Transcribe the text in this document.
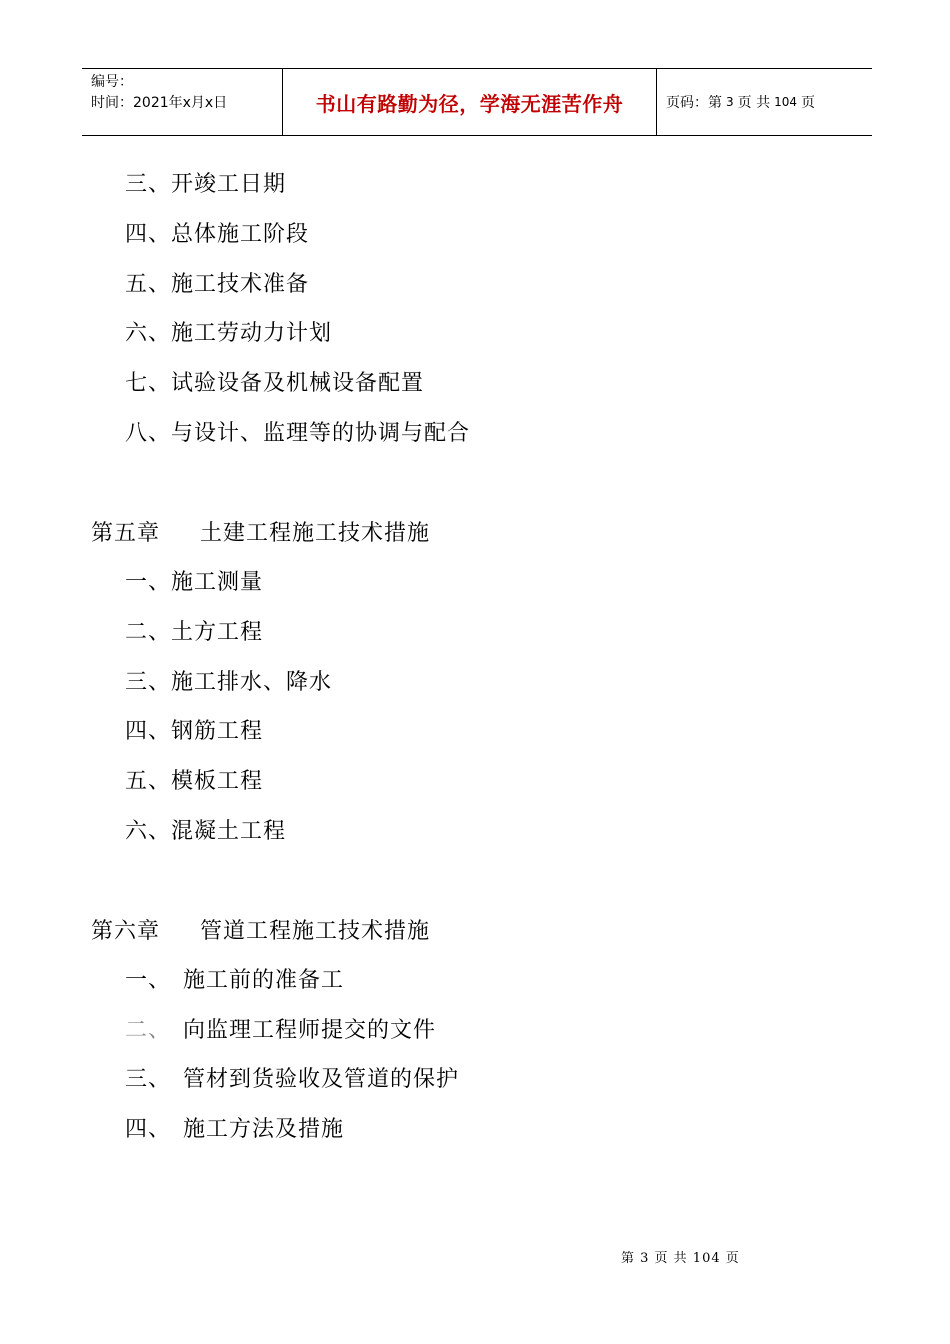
编号：
时间：2021年x月x日	书山有路勤为径，学海无涯苦作舟	页码：第 3 页 共 104 页
三、开竣工日期
四、总体施工阶段
五、施工技术准备
六、施工劳动力计划
七、试验设备及机械设备配置
八、与设计、监理等的协调与配合
第五章 土建工程施工技术措施
一、施工测量
二、土方工程
三、施工排水、降水
四、钢筋工程
五、模板工程
六、混凝土工程
第六章 管道工程施工技术措施
一、 施工前的准备工
二、 向监理工程师提交的文件
三、 管材到货验收及管道的保护
四、 施工方法及措施
第 3 页 共 104 页
